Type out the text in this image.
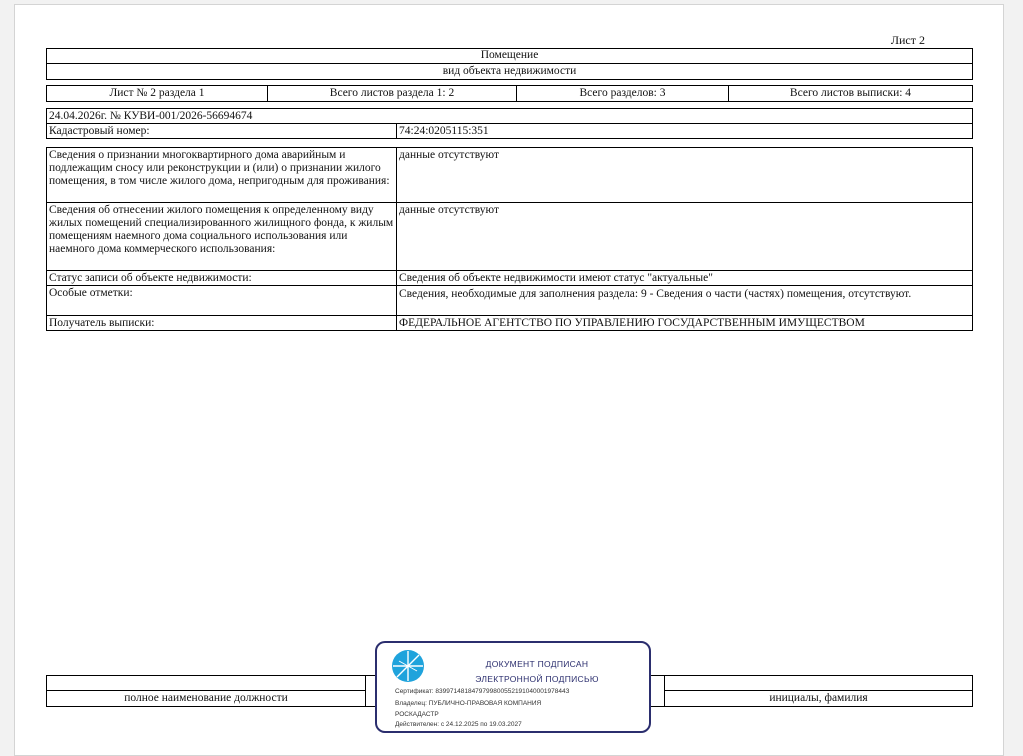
Лист 2
Помещение
вид объекта недвижимости
Лист № 2 раздела 1	Всего листов раздела 1: 2	Всего разделов: 3	Всего листов выписки: 4
24.04.2026г. № КУВИ-001/2026-56694674
Кадастровый номер:	74:24:0205115:351
Сведения о признании многоквартирного дома аварийным и подлежащим сносу или реконструкции и (или) о признании жилого помещения, в том числе жилого дома, непригодным для проживания:
данные отсутствуют
Сведения об отнесении жилого помещения к определенному виду жилых помещений специализированного жилищного фонда, к жилым помещениям наемного дома социального использования или наемного дома коммерческого использования:
данные отсутствуют
Статус записи об объекте недвижимости:	Сведения об объекте недвижимости имеют статус "актуальные"
Особые отметки:	Сведения, необходимые для заполнения раздела: 9 - Сведения о части (частях) помещения, отсутствуют.
Получатель выписки:	ФЕДЕРАЛЬНОЕ АГЕНТСТВО ПО УПРАВЛЕНИЮ ГОСУДАРСТВЕННЫМ ИМУЩЕСТВОМ
полное наименование должности	инициалы, фамилия
ДОКУМЕНТ ПОДПИСАН
ЭЛЕКТРОННОЙ ПОДПИСЬЮ
Сертификат: 839971481847979980055219104000197844З
Владелец: ПУБЛИЧНО-ПРАВОВАЯ КОМПАНИЯ
РОСКАДАСТР
Действителен: с 24.12.2025 по 19.03.2027
